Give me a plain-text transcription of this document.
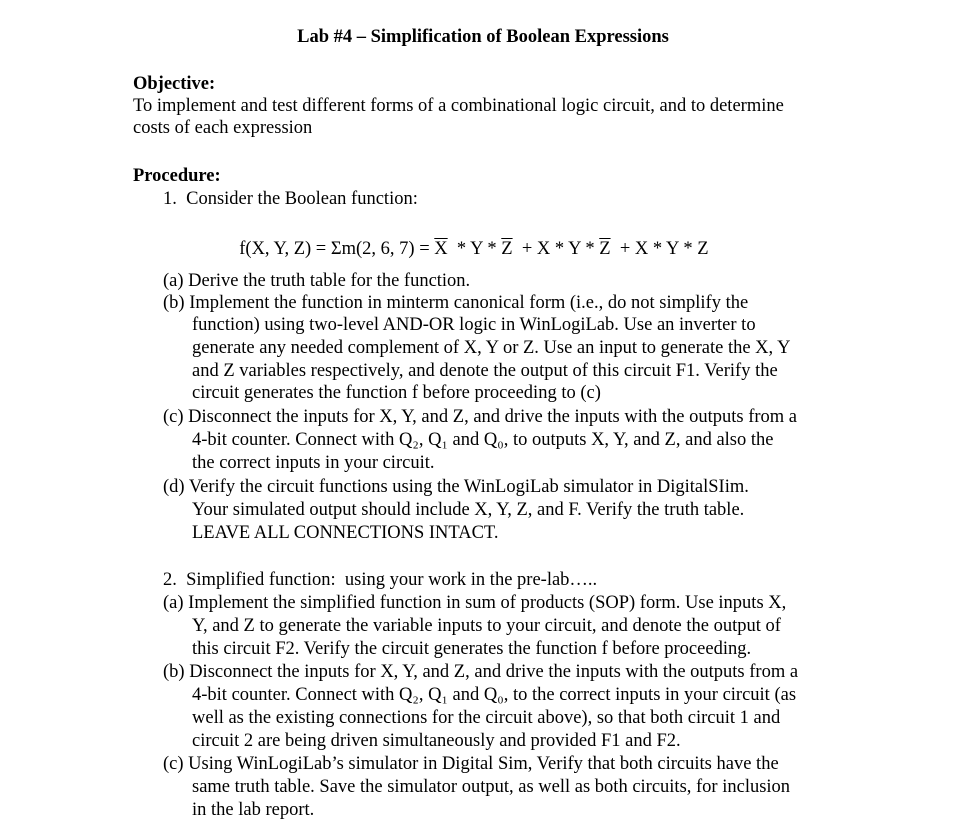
Lab #4 – Simplification of Boolean Expressions
Objective:
To implement and test different forms of a combinational logic circuit, and to determine
costs of each expression
Procedure:
1.  Consider the Boolean function:

f(X, Y, Z) = Σm(2, 6, $7) = \overline{X} * Y * \overline{Z} + X * Y * \overline{Z} + X * Y * Z$

(a) Derive the truth table for the function.
(b) Implement the function in minterm canonical form (i.e., do not simplify the
function) using two-level AND-OR logic in WinLogiLab. Use an inverter to
generate any needed complement of X, Y or Z. Use an input to generate the X, Y
and Z variables respectively, and denote the output of this circuit F1. Verify the
circuit generates the function f before proceeding to (c)
(c) Disconnect the inputs for X, Y, and Z, and drive the inputs with the outputs from a
4-bit counter. Connect with Q₂, Q₁ and Q₀, to outputs X, Y, and Z, and also the
the correct inputs in your circuit.
(d) Verify the circuit functions using the WinLogiLab simulator in DigitalSIim.
Your simulated output should include X, Y, Z, and F. Verify the truth table.
LEAVE ALL CONNECTIONS INTACT.
2.  Simplified function:  using your work in the pre-lab…..
(a) Implement the simplified function in sum of products (SOP) form. Use inputs X,
Y, and Z to generate the variable inputs to your circuit, and denote the output of
this circuit F2. Verify the circuit generates the function f before proceeding.
(b) Disconnect the inputs for X, Y, and Z, and drive the inputs with the outputs from a
4-bit counter. Connect with Q₂, Q₁ and Q₀, to the correct inputs in your circuit (as
well as the existing connections for the circuit above), so that both circuit 1 and
circuit 2 are being driven simultaneously and provided F1 and F2.
(c) Using WinLogiLab’s simulator in Digital Sim, Verify that both circuits have the
same truth table. Save the simulator output, as well as both circuits, for inclusion
in the lab report.
